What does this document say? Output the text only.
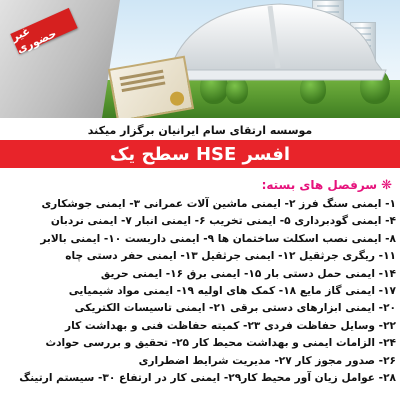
غیر حضوری
موسسه ارتقای سام ایرانیان برگزار میکند
افسر HSE سطح یک
❋
سرفصل های بسته:
۱- ایمنی سنگ فرز ۲- ایمنی ماشین آلات عمرانی ۳- ایمنی جوشکاری
۴- ایمنی گودبرداری ۵- ایمنی تخریب ۶- ایمنی انبار ۷- ایمنی نردبان
۸- ایمنی نصب اسکلت ساختمان ها ۹- ایمنی داربست ۱۰- ایمنی بالابر
۱۱- ریگری جرثقیل ۱۲- ایمنی جرثقیل ۱۳- ایمنی حفر دستی چاه
۱۴- ایمنی حمل دستی بار ۱۵- ایمنی برق ۱۶- ایمنی حریق
۱۷- ایمنی گاز مایع ۱۸- کمک های اولیه ۱۹- ایمنی مواد شیمیایی
۲۰- ایمنی ابزارهای دستی برقی ۲۱- ایمنی تاسیسات الکتریکی
۲۲- وسایل حفاظت فردی ۲۳- کمیته حفاظت فنی و بهداشت کار
۲۴- الزامات ایمنی و بهداشت محیط کار ۲۵- تحقیق و بررسی حوادث
۲۶- صدور مجوز کار ۲۷- مدیریت شرایط اضطراری
۲۸- عوامل زیان آور محیط کار۲۹- ایمنی کار در ارتفاع ۳۰- سیستم ارتینگ
